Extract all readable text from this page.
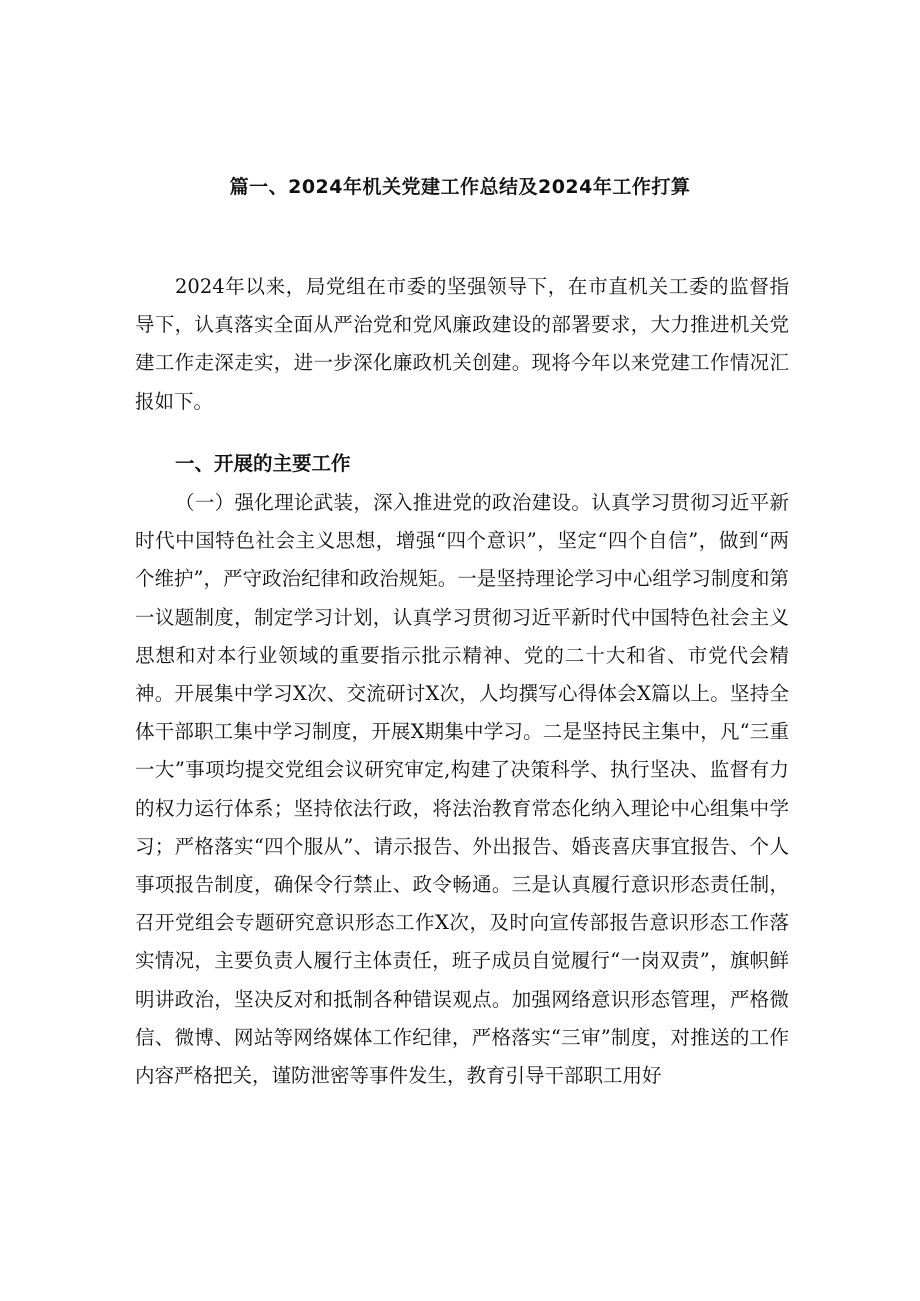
篇一、2024年机关党建工作总结及2024年工作打算

2024年以来，局党组在市委的坚强领导下，在市直机关工委的监督指导下，认真落实全面从严治党和党风廉政建设的部署要求，大力推进机关党建工作走深走实，进一步深化廉政机关创建。现将今年以来党建工作情况汇报如下。

一、开展的主要工作

（一）强化理论武装，深入推进党的政治建设。认真学习贯彻习近平新时代中国特色社会主义思想，增强“四个意识”，坚定“四个自信”，做到“两个维护”，严守政治纪律和政治规矩。一是坚持理论学习中心组学习制度和第一议题制度，制定学习计划，认真学习贯彻习近平新时代中国特色社会主义思想和对本行业领域的重要指示批示精神、党的二十大和省、市党代会精神。开展集中学习X次、交流研讨X次，人均撰写心得体会X篇以上。坚持全体干部职工集中学习制度，开展X期集中学习。二是坚持民主集中，凡“三重一大”事项均提交党组会议研究审定,构建了决策科学、执行坚决、监督有力的权力运行体系；坚持依法行政，将法治教育常态化纳入理论中心组集中学习；严格落实“四个服从”、请示报告、外出报告、婚丧喜庆事宜报告、个人事项报告制度，确保令行禁止、政令畅通。三是认真履行意识形态责任制，召开党组会专题研究意识形态工作X次，及时向宣传部报告意识形态工作落实情况，主要负责人履行主体责任，班子成员自觉履行“一岗双责”，旗帜鲜明讲政治，坚决反对和抵制各种错误观点。加强网络意识形态管理，严格微信、微博、网站等网络媒体工作纪律，严格落实“三审”制度，对推送的工作内容严格把关，谨防泄密等事件发生，教育引导干部职工用好
